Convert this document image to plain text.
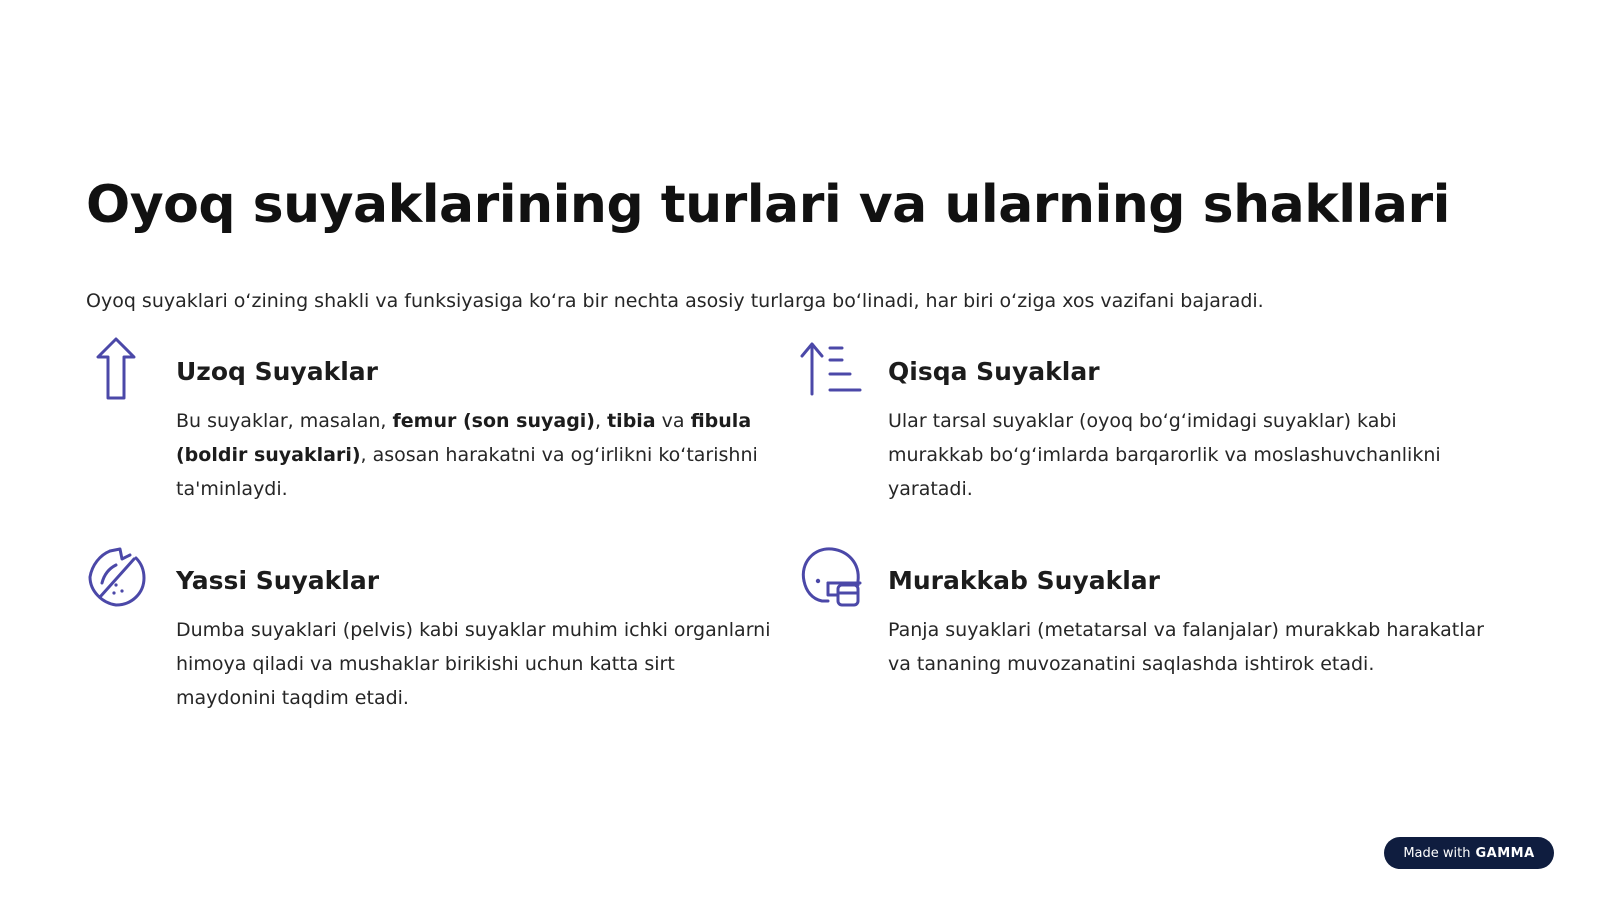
Oyoq suyaklarining turlari va ularning shakllari

Oyoq suyaklari o‘zining shakli va funksiyasiga ko‘ra bir nechta asosiy turlarga bo‘linadi, har biri o‘ziga xos vazifani bajaradi.

Uzoq Suyaklar

Bu suyaklar, masalan, femur (son suyagi), tibia va fibula (boldir suyaklari), asosan harakatni va og‘irlikni ko‘tarishni ta'minlaydi.

Qisqa Suyaklar

Ular tarsal suyaklar (oyoq bo‘g‘imidagi suyaklar) kabi murakkab bo‘g‘imlarda barqarorlik va moslashuvchanlikni yaratadi.

Yassi Suyaklar

Dumba suyaklari (pelvis) kabi suyaklar muhim ichki organlarni himoya qiladi va mushaklar birikishi uchun katta sirt maydonini taqdim etadi.

Murakkab Suyaklar

Panja suyaklari (metatarsal va falanjalar) murakkab harakatlar va tananing muvozanatini saqlashda ishtirok etadi.

Made with GAMMA
